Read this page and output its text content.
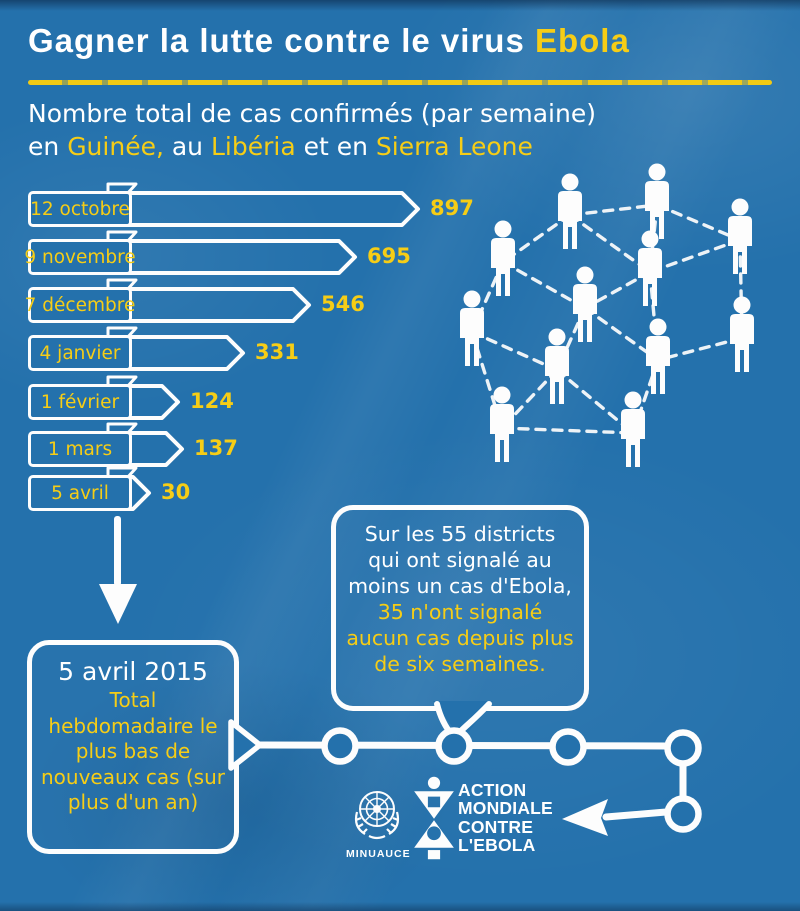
Gagner la lutte contre le virus Ebola
Nombre total de cas confirmés (par semaine)
en Guinée, au Libéria et en Sierra Leone
12 octobre	897
9 novembre	695
7 décembre	546
4 janvier	331
1 février	124
1 mars	137
5 avril	30
Sur les 55 districts qui ont signalé au moins un cas d'Ebola, 35 n'ont signalé aucun cas depuis plus de six semaines.
5 avril 2015
Total hebdomadaire le plus bas de nouveaux cas (sur plus d'un an)
MINUAUCE
ACTION
MONDIALE
CONTRE
L'EBOLA
